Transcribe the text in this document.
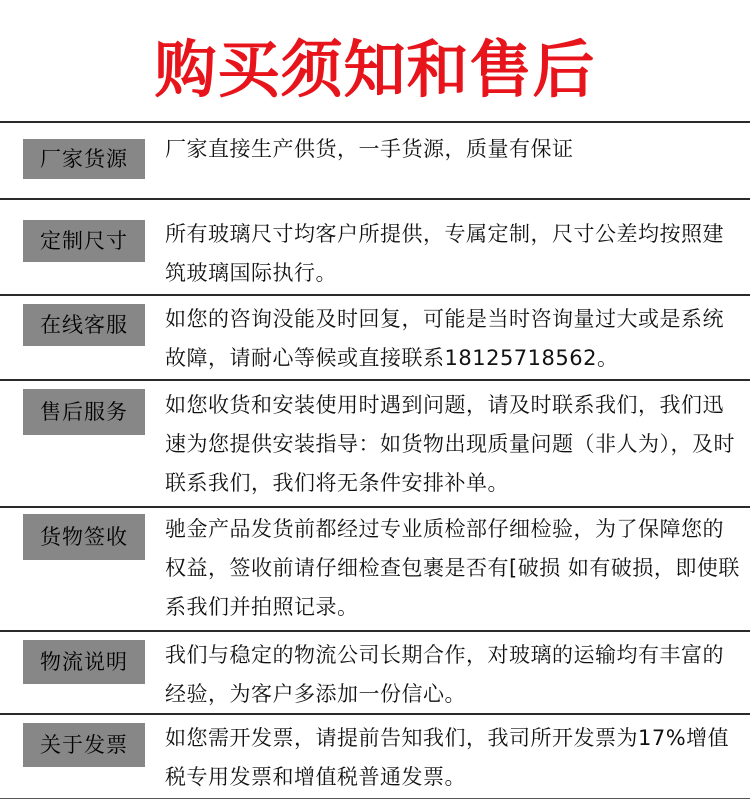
购买须知和售后
厂家货源	厂家直接生产供货，一手货源，质量有保证
定制尺寸	所有玻璃尺寸均客户所提供，专属定制，尺寸公差均按照建筑玻璃国际执行。
在线客服	如您的咨询没能及时回复，可能是当时咨询量过大或是系统故障，请耐心等候或直接联系18125718562。
售后服务	如您收货和安装使用时遇到问题，请及时联系我们，我们迅速为您提供安装指导：如货物出现质量问题（非人为），及时联系我们，我们将无条件安排补单。
货物签收	驰金产品发货前都经过专业质检部仔细检验，为了保障您的权益，签收前请仔细检查包裹是否有[破损 如有破损，即使联系我们并拍照记录。
物流说明	我们与稳定的物流公司长期合作，对玻璃的运输均有丰富的经验，为客户多添加一份信心。
关于发票	如您需开发票，请提前告知我们，我司所开发票为17%增值税专用发票和增值税普通发票。
